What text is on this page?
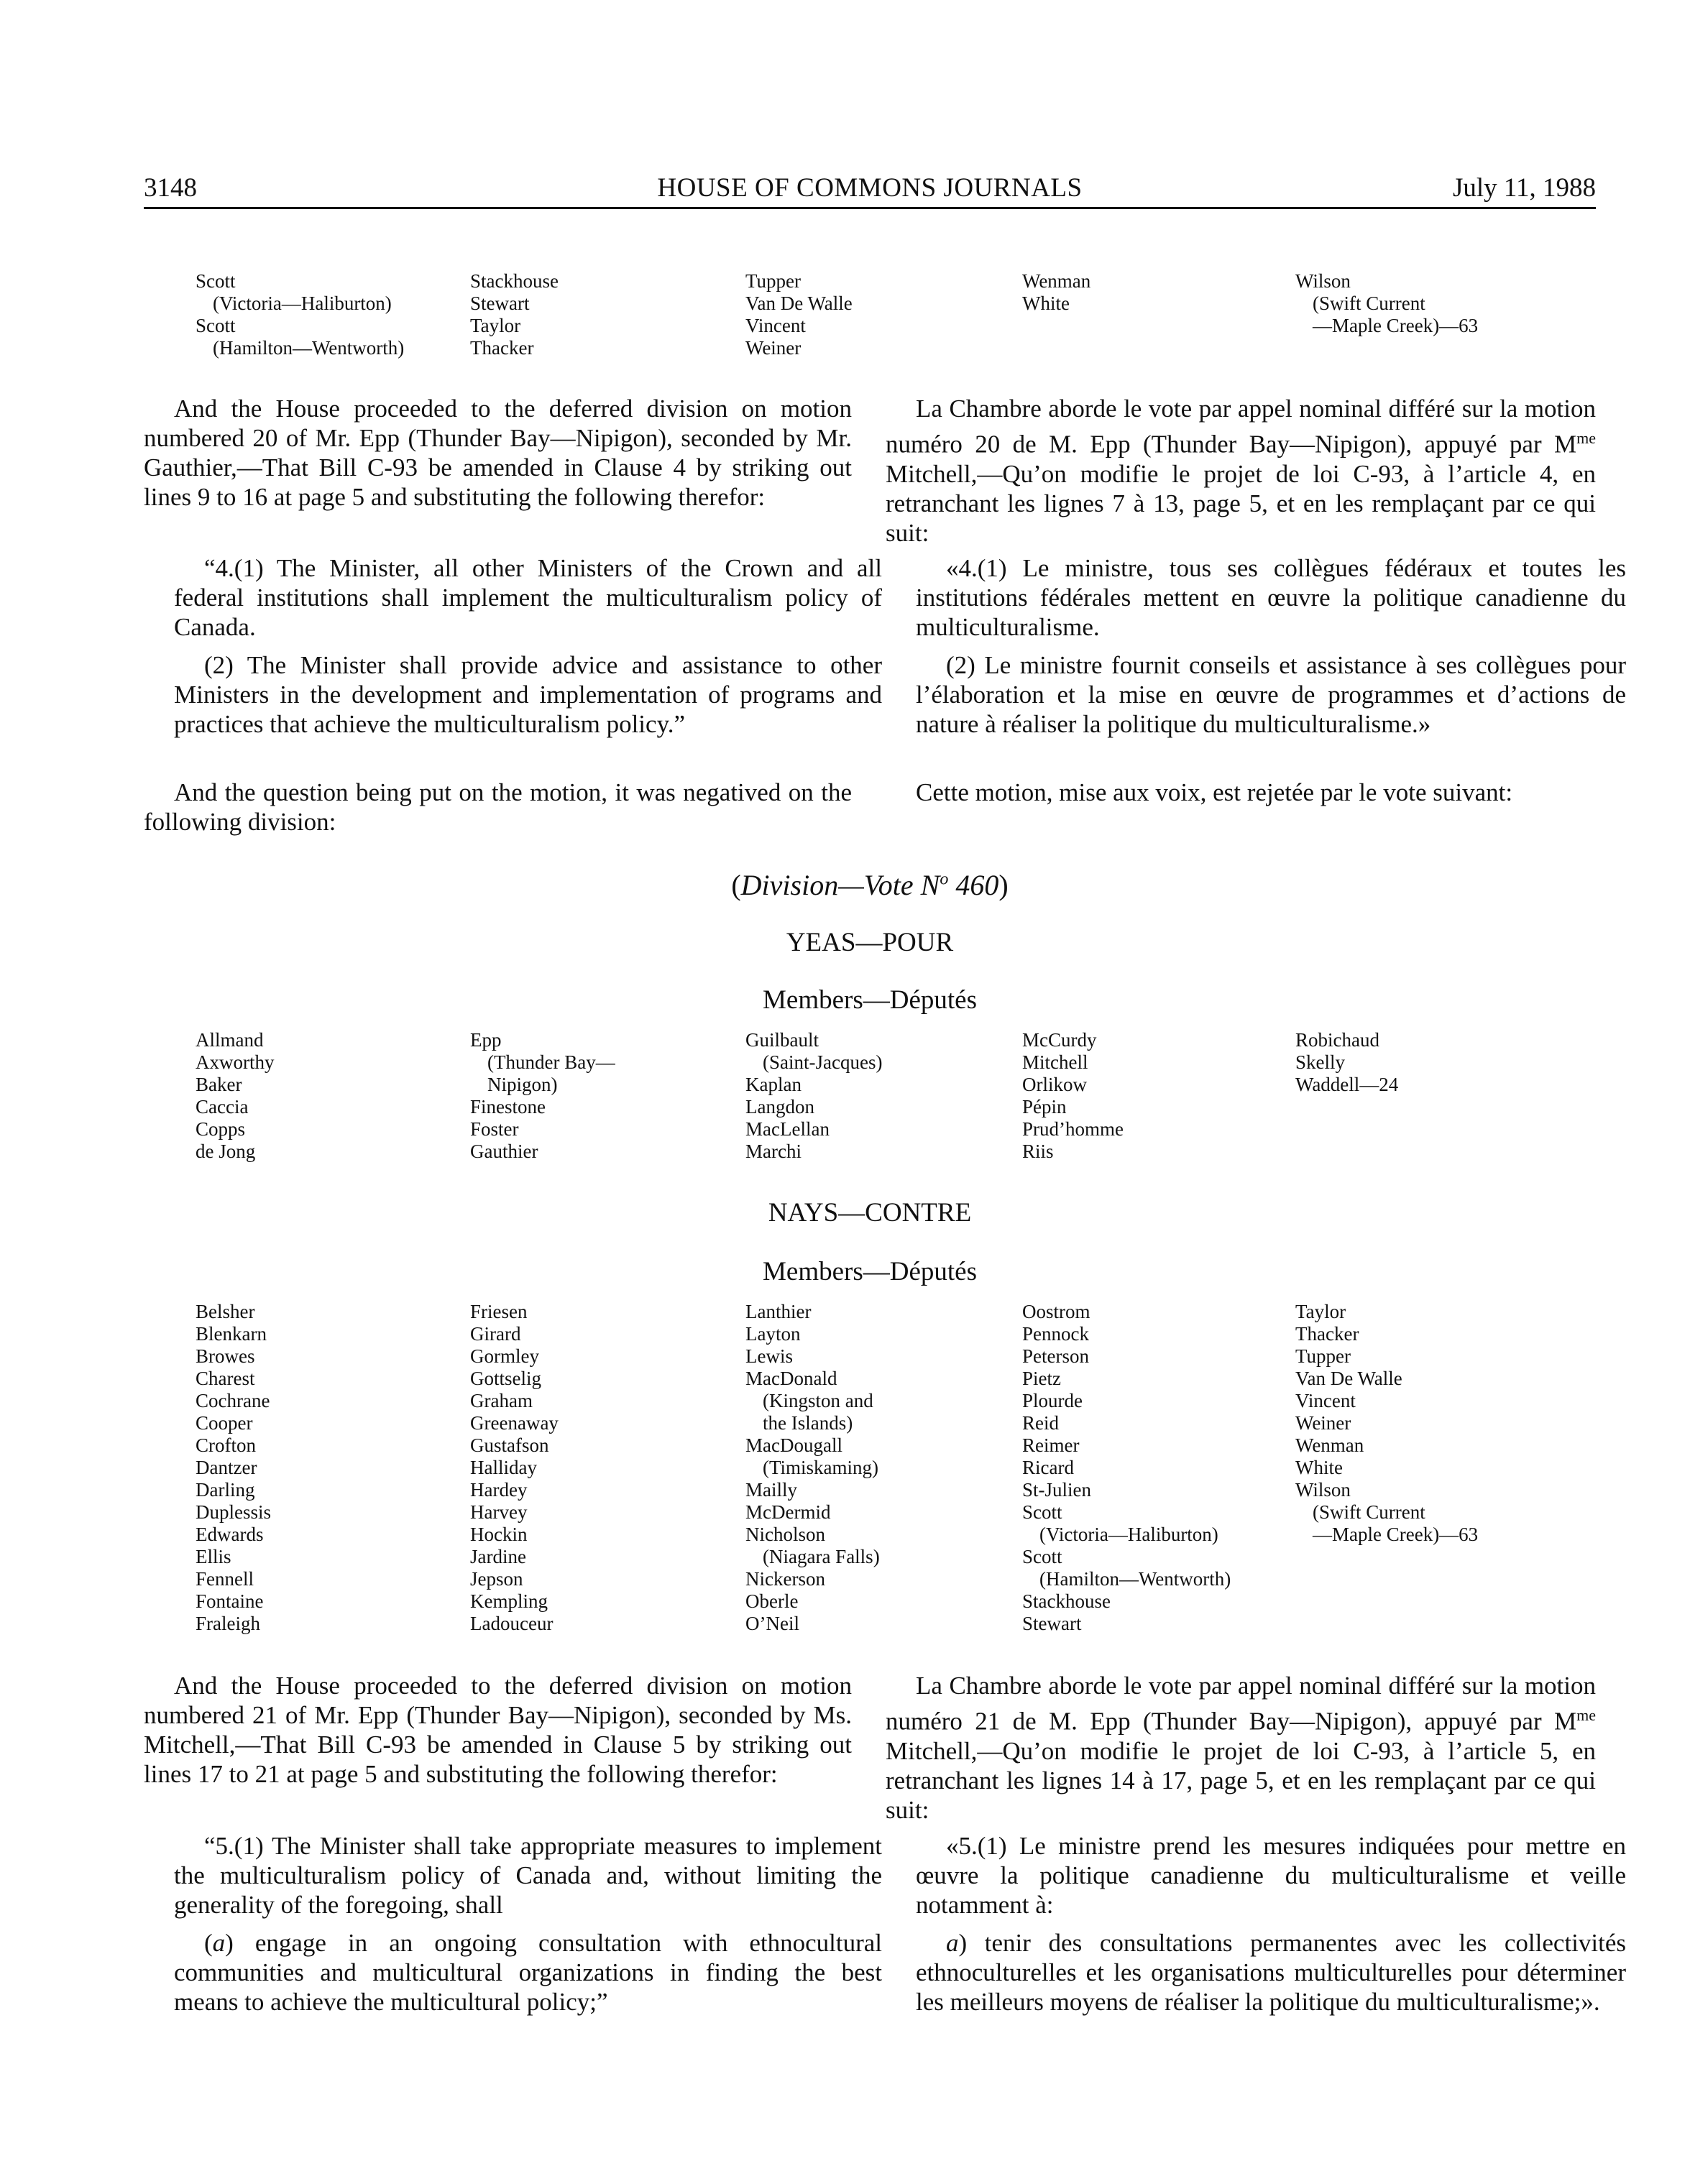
3148	HOUSE OF COMMONS JOURNALS	July 11, 1988
Scott
(Victoria—Haliburton)
Scott
(Hamilton—Wentworth)
Stackhouse
Stewart
Taylor
Thacker
Tupper
Van De Walle
Vincent
Weiner
Wenman
White
Wilson
(Swift Current
—Maple Creek)—63

And the House proceeded to the deferred division on motion numbered 20 of Mr. Epp (Thunder Bay—Nipigon), seconded by Mr. Gauthier,—That Bill C-93 be amended in Clause 4 by striking out lines 9 to 16 at page 5 and substituting the following therefor:

“4.(1) The Minister, all other Ministers of the Crown and all federal institutions shall implement the multiculturalism policy of Canada.

(2) The Minister shall provide advice and assistance to other Ministers in the development and implementation of programs and practices that achieve the multiculturalism policy.”

And the question being put on the motion, it was negatived on the following division:

La Chambre aborde le vote par appel nominal différé sur la motion numéro 20 de M. Epp (Thunder Bay—Nipigon), appuyé par $M^{me}$ Mitchell,—Qu’on modifie le projet de loi C-93, à l’article 4, en retranchant les lignes 7 à 13, page 5, et en les remplaçant par ce qui suit:

«4.(1) Le ministre, tous ses collègues fédéraux et toutes les institutions fédérales mettent en œuvre la politique canadienne du multiculturalisme.

(2) Le ministre fournit conseils et assistance à ses collègues pour l’élaboration et la mise en œuvre de programmes et d’actions de nature à réaliser la politique du multiculturalisme.»

Cette motion, mise aux voix, est rejetée par le vote suivant:

(Division—Vote $N^o$ 460)
YEAS—POUR
Members—Députés
Allmand
Axworthy
Baker
Caccia
Copps
de Jong
Epp
(Thunder Bay—
Nipigon)
Finestone
Foster
Gauthier
Guilbault
(Saint-Jacques)
Kaplan
Langdon
MacLellan
Marchi
McCurdy
Mitchell
Orlikow
Pépin
Prud’homme
Riis
Robichaud
Skelly
Waddell—24
NAYS—CONTRE
Members—Députés
Belsher
Blenkarn
Browes
Charest
Cochrane
Cooper
Crofton
Dantzer
Darling
Duplessis
Edwards
Ellis
Fennell
Fontaine
Fraleigh
Friesen
Girard
Gormley
Gottselig
Graham
Greenaway
Gustafson
Halliday
Hardey
Harvey
Hockin
Jardine
Jepson
Kempling
Ladouceur
Lanthier
Layton
Lewis
MacDonald
(Kingston and
the Islands)
MacDougall
(Timiskaming)
Mailly
McDermid
Nicholson
(Niagara Falls)
Nickerson
Oberle
O’Neil
Oostrom
Pennock
Peterson
Pietz
Plourde
Reid
Reimer
Ricard
St-Julien
Scott
(Victoria—Haliburton)
Scott
(Hamilton—Wentworth)
Stackhouse
Stewart
Taylor
Thacker
Tupper
Van De Walle
Vincent
Weiner
Wenman
White
Wilson
(Swift Current
—Maple Creek)—63

And the House proceeded to the deferred division on motion numbered 21 of Mr. Epp (Thunder Bay—Nipigon), seconded by Ms. Mitchell,—That Bill C-93 be amended in Clause 5 by striking out lines 17 to 21 at page 5 and substituting the following therefor:

“5.(1) The Minister shall take appropriate measures to implement the multiculturalism policy of Canada and, without limiting the generality of the foregoing, shall

(a) engage in an ongoing consultation with ethnocultural communities and multicultural organizations in finding the best means to achieve the multicultural policy;”

La Chambre aborde le vote par appel nominal différé sur la motion numéro 21 de M. Epp (Thunder Bay—Nipigon), appuyé par $M^{me}$ Mitchell,—Qu’on modifie le projet de loi C-93, à l’article 5, en retranchant les lignes 14 à 17, page 5, et en les remplaçant par ce qui suit:

«5.(1) Le ministre prend les mesures indiquées pour mettre en œuvre la politique canadienne du multiculturalisme et veille notamment à:

a) tenir des consultations permanentes avec les collectivités ethnoculturelles et les organisations multiculturelles pour déterminer les meilleurs moyens de réaliser la politique du multiculturalisme;».
